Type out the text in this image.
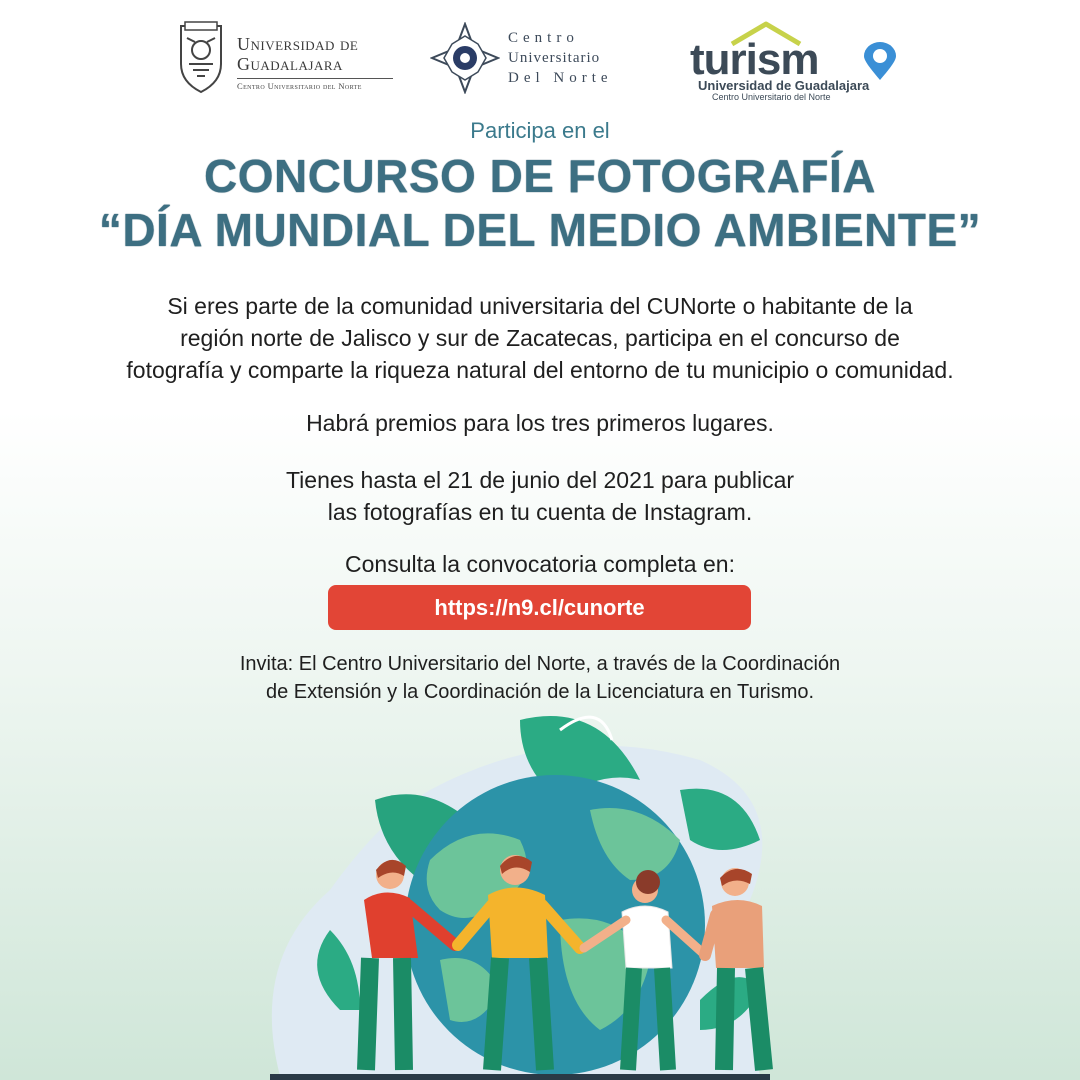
Universidad de
Guadalajara
Centro Universitario del Norte
Centro
Universitario
Del Norte turism
Universidad de Guadalajara
Centro Universitario del Norte
Participa en el
CONCURSO DE FOTOGRAFÍA
“DÍA MUNDIAL DEL MEDIO AMBIENTE”
Si eres parte de la comunidad universitaria del CUNorte o habitante de la
región norte de Jalisco y sur de Zacatecas, participa en el concurso de
fotografía y comparte la riqueza natural del entorno de tu municipio o comunidad.
Habrá premios para los tres primeros lugares.
Tienes hasta el 21 de junio del 2021 para publicar
las fotografías en tu cuenta de Instagram.
Consulta la convocatoria completa en:
https://n9.cl/cunorte
Invita: El Centro Universitario del Norte, a través de la Coordinación
de Extensión y la Coordinación de la Licenciatura en Turismo.
